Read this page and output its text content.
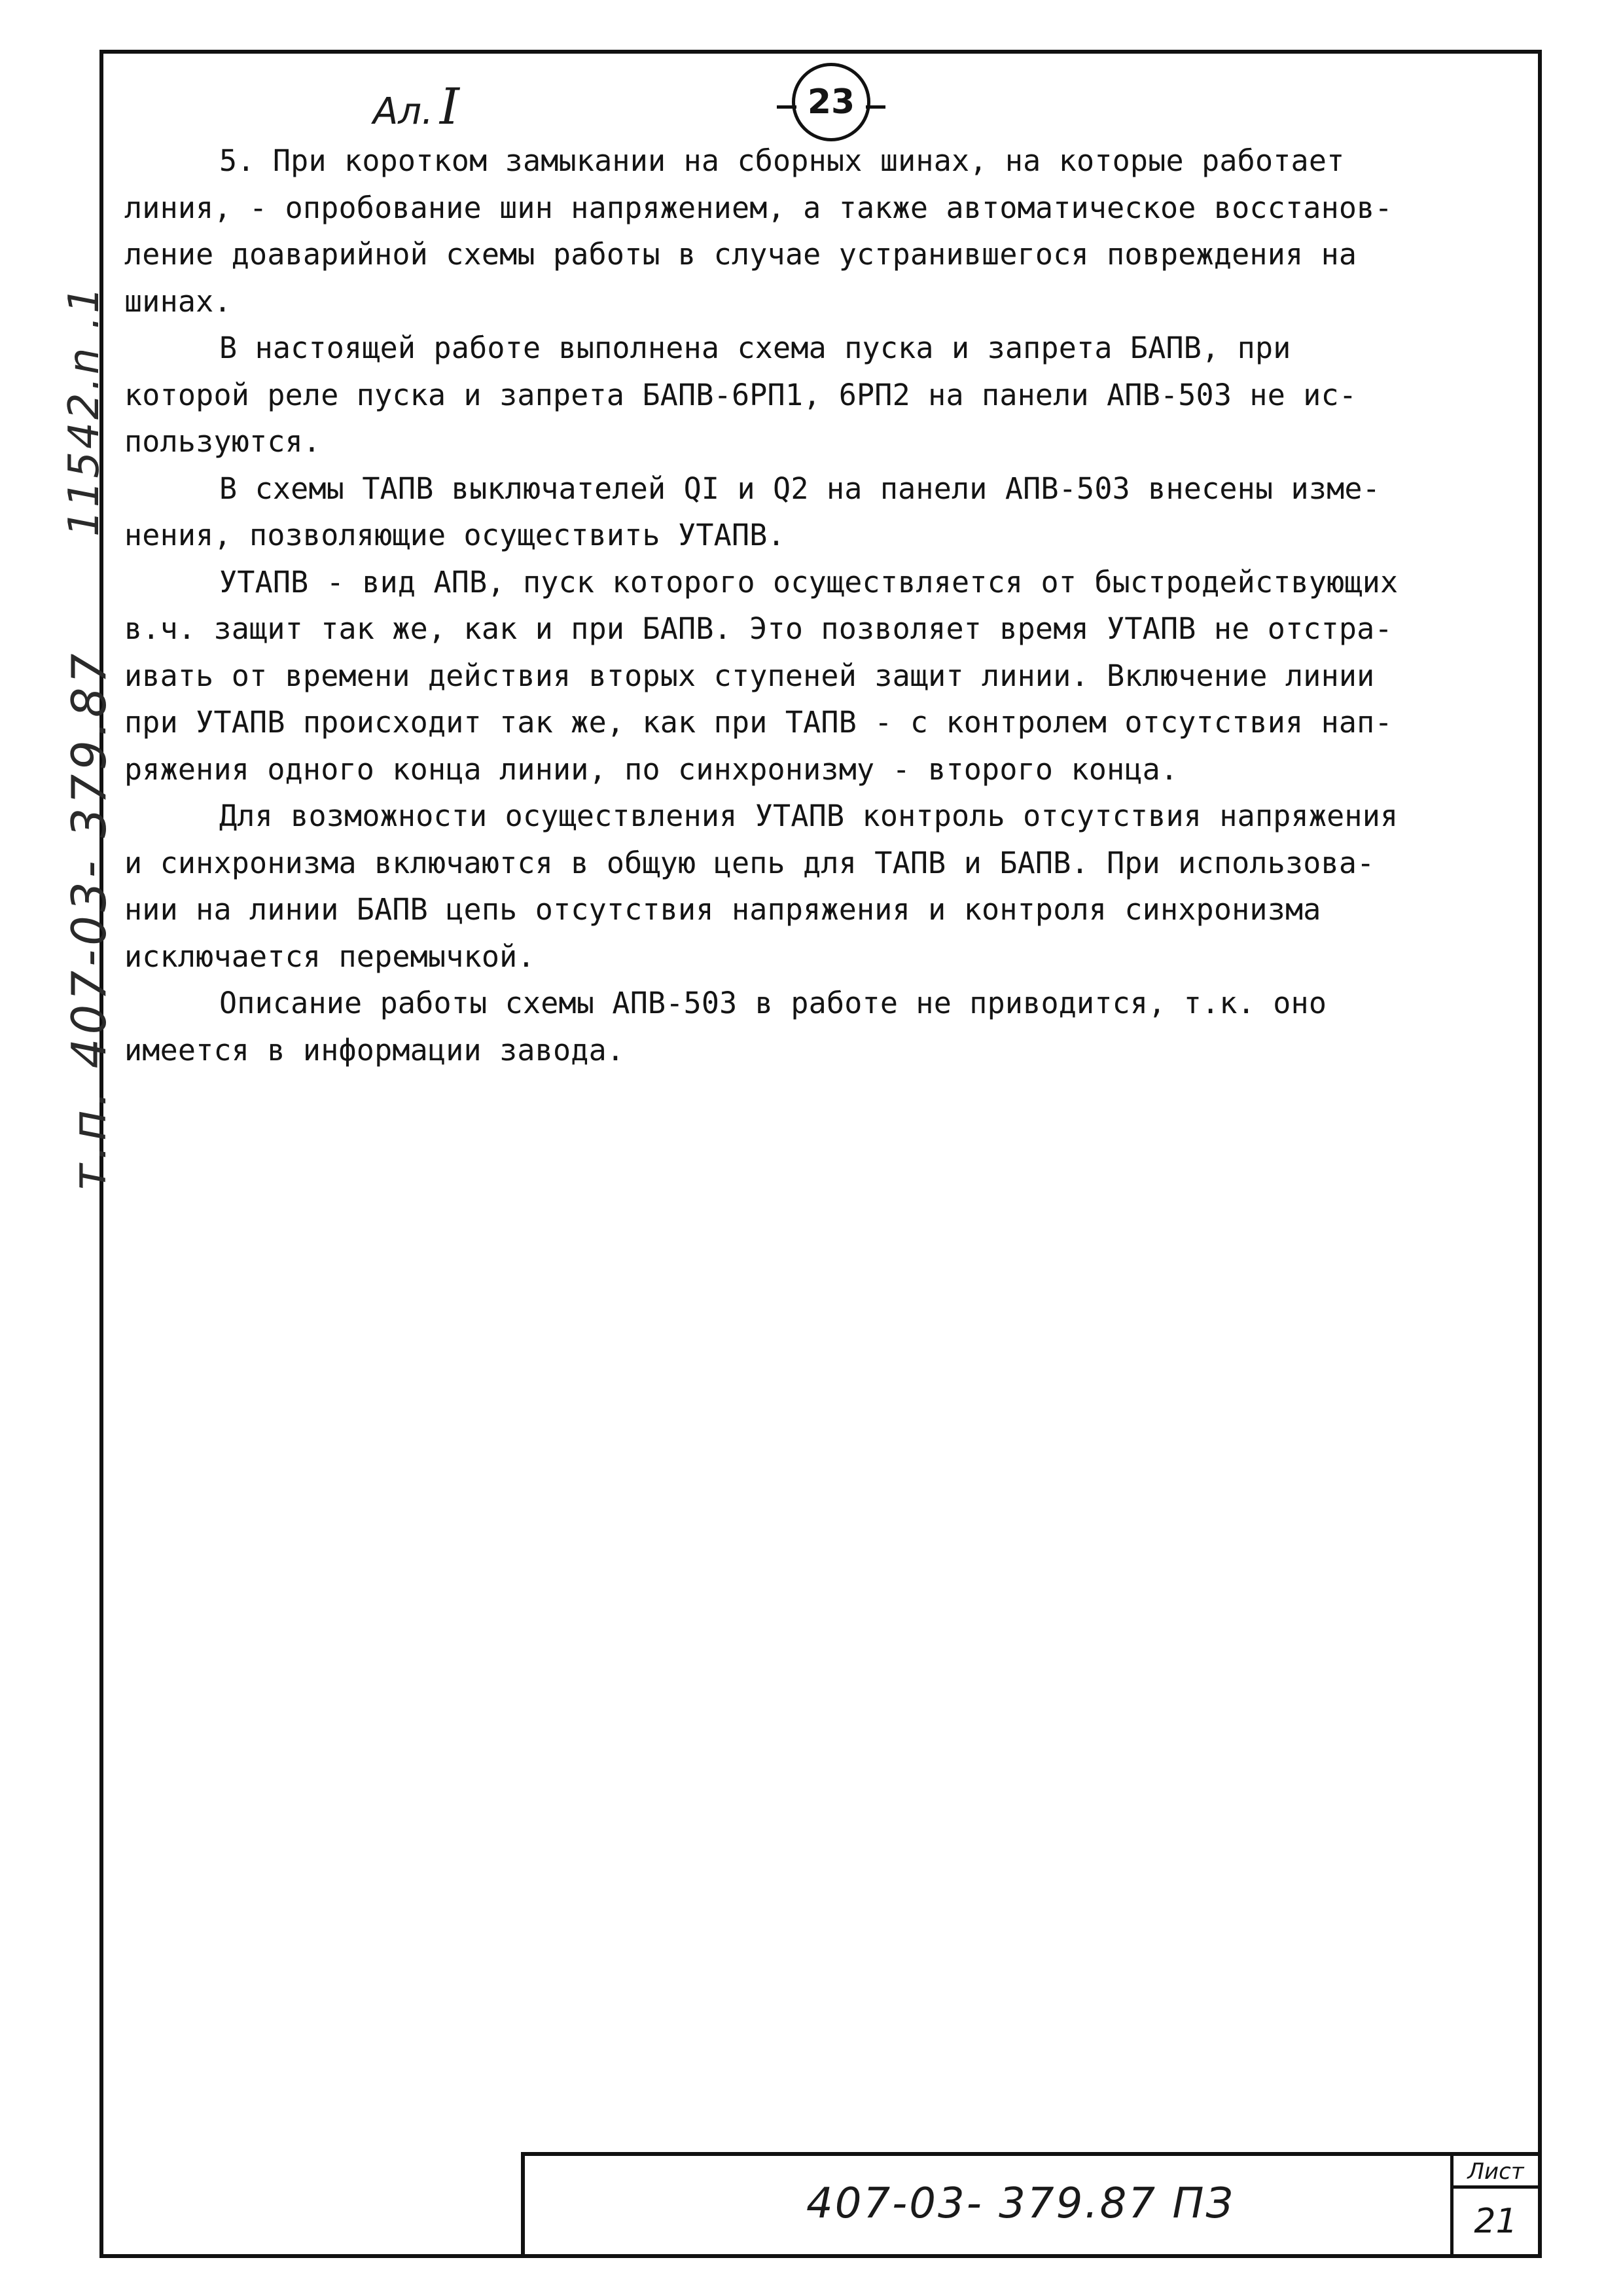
11542.n .1
т.п. 407-03- 379.87
Ал. I	23
5. При коротком замыкании на сборных шинах, на которые работает
линия, - опробование шин напряжением, а также автоматическое восстанов-
ление доаварийной схемы работы в случае устранившегося повреждения на
шинах.
В настоящей работе выполнена схема пуска и запрета БАПВ, при
которой реле пуска и запрета БАПВ-6РП1, 6РП2 на панели АПВ-503 не ис-
пользуются.
В схемы ТАПВ выключателей QI и Q2 на панели АПВ-503 внесены изме-
нения, позволяющие осуществить УТАПВ.
УТАПВ - вид АПВ, пуск которого осуществляется от быстродействующих
в.ч. защит так же, как и при БАПВ. Это позволяет время УТАПВ не отстра-
ивать от времени действия вторых ступеней защит линии. Включение линии
при УТАПВ происходит так же, как при ТАПВ - с контролем отсутствия нап-
ряжения одного конца линии, по синхронизму - второго конца.
Для возможности осуществления УТАПВ контроль отсутствия напряжения
и синхронизма включаются в общую цепь для ТАПВ и БАПВ. При использова-
нии на линии БАПВ цепь отсутствия напряжения и контроля синхронизма
исключается перемычкой.
Описание работы схемы АПВ-503 в работе не приводится, т.к. оно
имеется в информации завода.
407-03- 379.87 ПЗ
Лист
21
